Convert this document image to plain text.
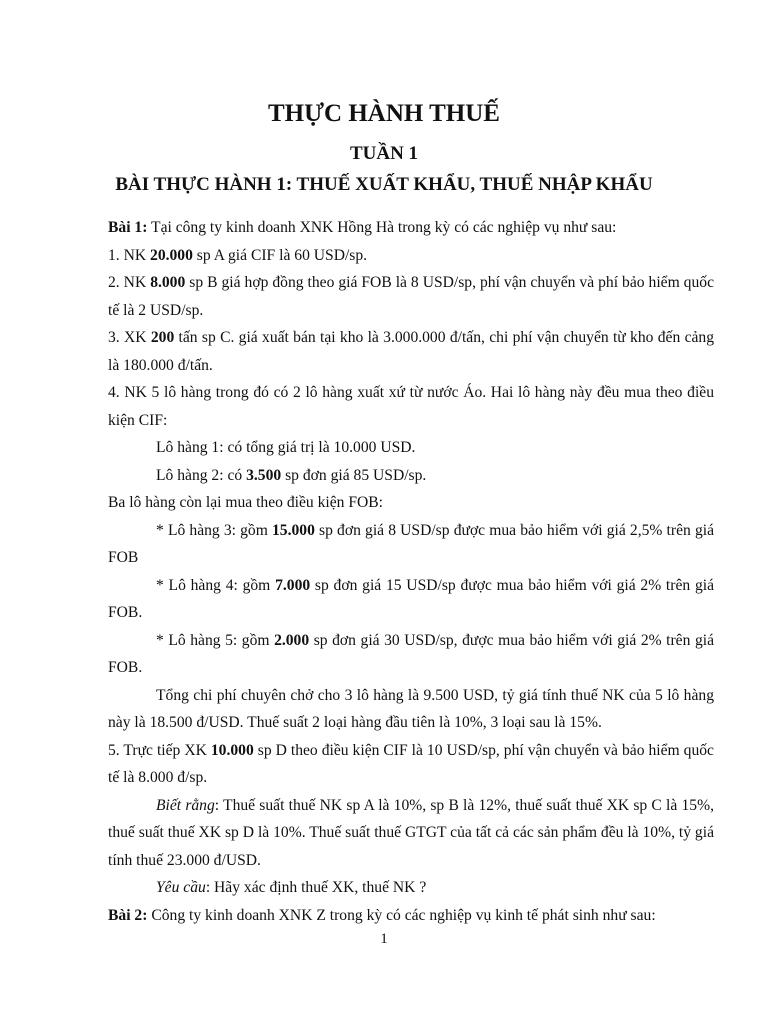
THỰC HÀNH THUẾ
TUẦN 1
BÀI THỰC HÀNH 1: THUẾ XUẤT KHẨU, THUẾ NHẬP KHẨU

Bài 1: Tại công ty kinh doanh XNK Hồng Hà trong kỳ có các nghiệp vụ như sau:

1. NK 20.000 sp A giá CIF là 60 USD/sp.

2. NK 8.000 sp B giá hợp đồng theo giá FOB là 8 USD/sp, phí vận chuyển và phí bảo hiểm quốc tế là 2 USD/sp.

3. XK 200 tấn sp C. giá xuất bán tại kho là 3.000.000 đ/tấn, chi phí vận chuyển từ kho đến cảng là 180.000 đ/tấn.

4. NK 5 lô hàng trong đó có 2 lô hàng xuất xứ từ nước Áo. Hai lô hàng này đều mua theo điều kiện CIF:

Lô hàng 1: có tổng giá trị là 10.000 USD.

Lô hàng 2: có 3.500 sp đơn giá 85 USD/sp.

Ba lô hàng còn lại mua theo điều kiện FOB:

* Lô hàng 3: gồm 15.000 sp đơn giá 8 USD/sp được mua bảo hiểm với giá 2,5% trên giá FOB

* Lô hàng 4: gồm 7.000 sp đơn giá 15 USD/sp được mua bảo hiểm với giá 2% trên giá FOB.

* Lô hàng 5: gồm 2.000 sp đơn giá 30 USD/sp, được mua bảo hiểm với giá 2% trên giá FOB.

Tổng chi phí chuyên chở cho 3 lô hàng là 9.500 USD, tỷ giá tính thuế NK của 5 lô hàng này là 18.500 đ/USD. Thuế suất 2 loại hàng đầu tiên là 10%, 3 loại sau là 15%.

5. Trực tiếp XK 10.000 sp D theo điều kiện CIF là 10 USD/sp, phí vận chuyển và bảo hiểm quốc tế là 8.000 đ/sp.

Biết rằng: Thuế suất thuế NK sp A là 10%, sp B là 12%, thuế suất thuế XK sp C là 15%, thuế suất thuế XK sp D là 10%. Thuế suất thuế GTGT của tất cả các sản phẩm đều là 10%, tỷ giá tính thuế 23.000 đ/USD.

Yêu cầu: Hãy xác định thuế XK, thuế NK ?

Bài 2: Công ty kinh doanh XNK Z trong kỳ có các nghiệp vụ kinh tế phát sinh như sau:

1
